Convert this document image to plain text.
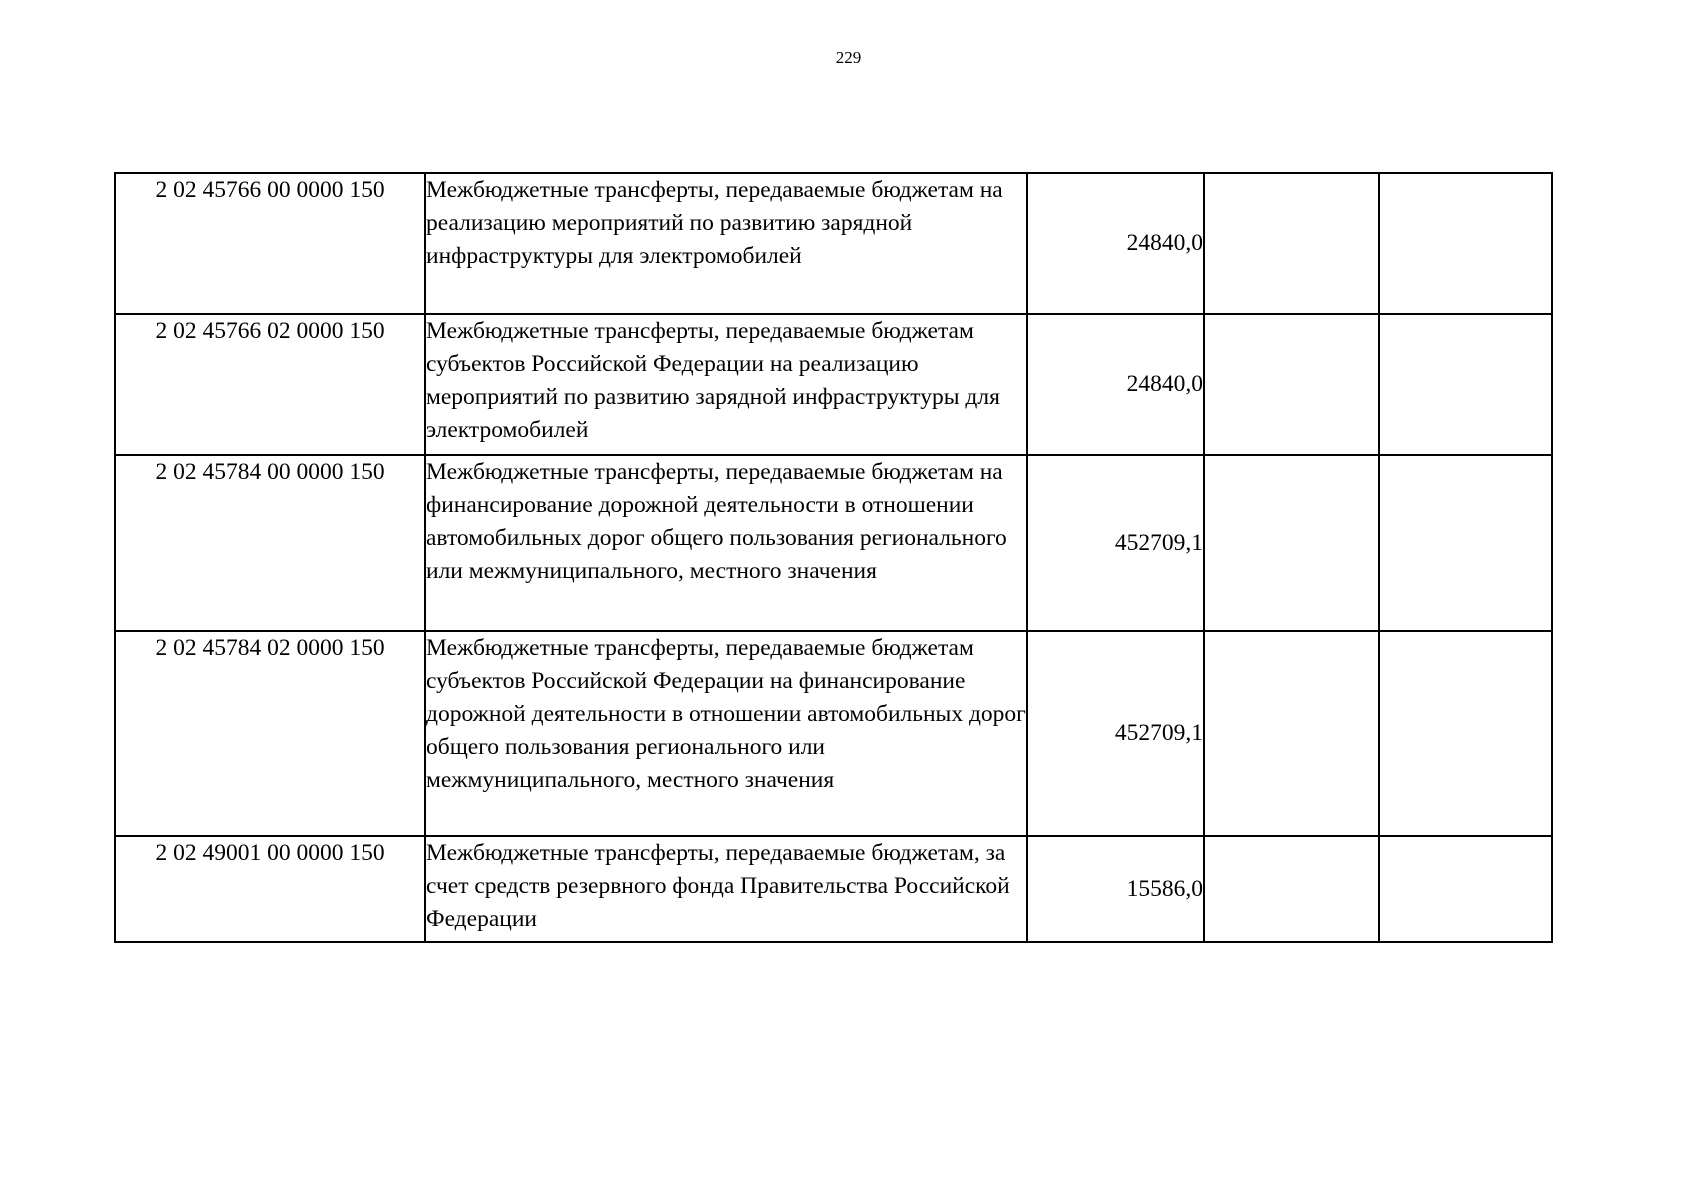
229
2 02 45766 00 0000 150	Межбюджетные трансферты, передаваемые бюджетам на реализацию мероприятий по развитию зарядной инфраструктуры для электромобилей	24840,0		
2 02 45766 02 0000 150	Межбюджетные трансферты, передаваемые бюджетам субъектов Российской Федерации на реализацию мероприятий по развитию зарядной инфраструктуры для электромобилей	24840,0		
2 02 45784 00 0000 150	Межбюджетные трансферты, передаваемые бюджетам на финансирование дорожной деятельности в отношении автомобильных дорог общего пользования регионального или межмуниципального, местного значения	452709,1		
2 02 45784 02 0000 150	Межбюджетные трансферты, передаваемые бюджетам субъектов Российской Федерации на финансирование дорожной деятельности в отношении автомобильных дорог общего пользования регионального или межмуниципального, местного значения	452709,1		
2 02 49001 00 0000 150	Межбюджетные трансферты, передаваемые бюджетам, за счет средств резервного фонда Правительства Российской Федерации	15586,0		
